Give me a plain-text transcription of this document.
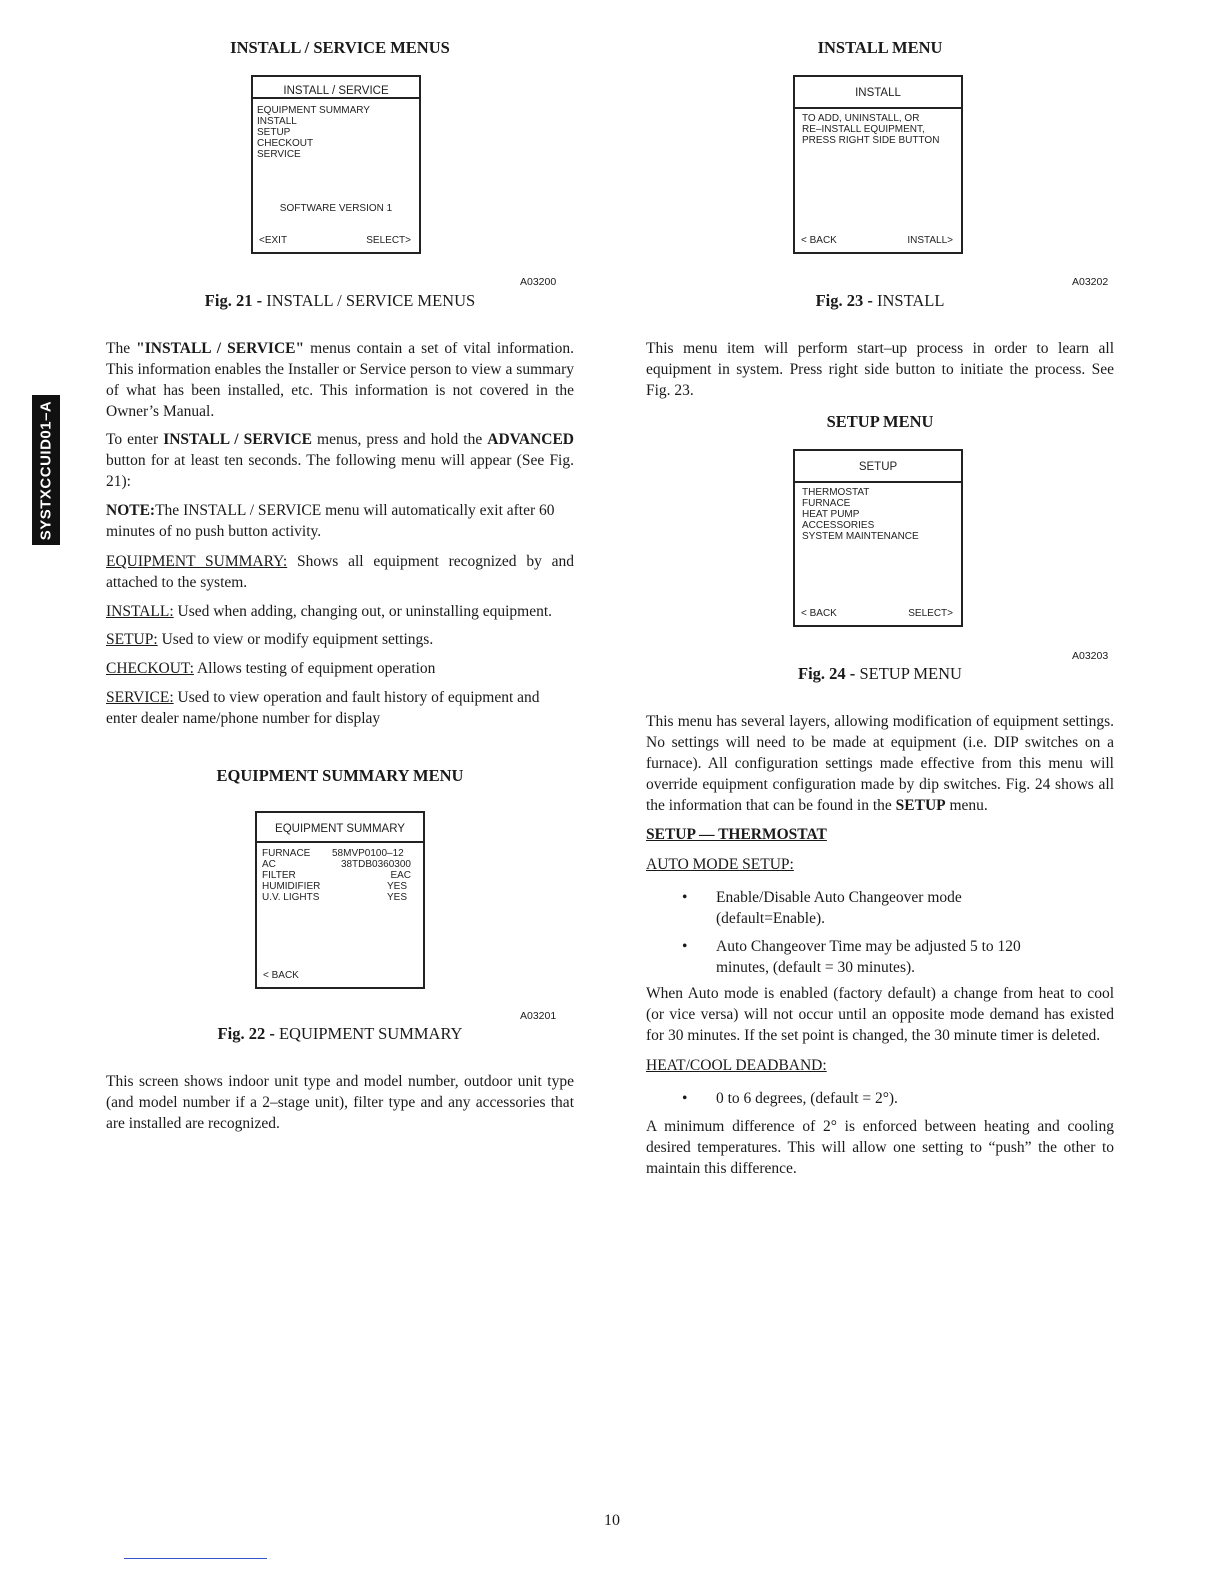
SYSTXCCUID01–A
INSTALL / SERVICE MENUS
INSTALL / SERVICE
EQUIPMENT SUMMARY
INSTALL
SETUP
CHECKOUT
SERVICE
SOFTWARE VERSION 1
<EXIT	SELECT>
A03200
Fig. 21 - INSTALL / SERVICE MENUS

The "INSTALL / SERVICE" menus contain a set of vital information. This information enables the Installer or Service person to view a summary of what has been installed, etc. This information is not covered in the Owner’s Manual.

To enter INSTALL / SERVICE menus, press and hold the ADVANCED button for at least ten seconds. The following menu will appear (See Fig. 21):

NOTE:The INSTALL / SERVICE menu will automatically exit after 60 minutes of no push button activity.

EQUIPMENT SUMMARY: Shows all equipment recognized by and attached to the system.

INSTALL: Used when adding, changing out, or uninstalling equipment.

SETUP: Used to view or modify equipment settings.

CHECKOUT: Allows testing of equipment operation

SERVICE: Used to view operation and fault history of equipment and enter dealer name/phone number for display

EQUIPMENT SUMMARY MENU
EQUIPMENT SUMMARY
FURNACE	58MVP0100–12
AC	38TDB0360300
FILTER	EAC
HUMIDIFIER	YES
U.V. LIGHTS	YES
< BACK
A03201
Fig. 22 - EQUIPMENT SUMMARY

This screen shows indoor unit type and model number, outdoor unit type (and model number if a 2–stage unit), filter type and any accessories that are installed are recognized.

INSTALL MENU
INSTALL
TO ADD, UNINSTALL, OR
RE–INSTALL EQUIPMENT,
PRESS RIGHT SIDE BUTTON
< BACK	INSTALL>
A03202
Fig. 23 - INSTALL

This menu item will perform start–up process in order to learn all equipment in system. Press right side button to initiate the process. See Fig. 23.

SETUP MENU
SETUP
THERMOSTAT
FURNACE
HEAT PUMP
ACCESSORIES
SYSTEM MAINTENANCE
< BACK	SELECT>
A03203
Fig. 24 - SETUP MENU

This menu has several layers, allowing modification of equipment settings. No settings will need to be made at equipment (i.e. DIP switches on a furnace). All configuration settings made effective from this menu will override equipment configuration made by dip switches. Fig. 24 shows all the information that can be found in the SETUP menu.

SETUP — THERMOSTAT

AUTO MODE SETUP:

•	Enable/Disable Auto Changeover mode (default=Enable).
•	Auto Changeover Time may be adjusted 5 to 120 minutes, (default = 30 minutes).

When Auto mode is enabled (factory default) a change from heat to cool (or vice versa) will not occur until an opposite mode demand has existed for 30 minutes. If the set point is changed, the 30 minute timer is deleted.

HEAT/COOL DEADBAND:

•	0 to 6 degrees, (default = 2°).

A minimum difference of 2° is enforced between heating and cooling desired temperatures. This will allow one setting to “push” the other to maintain this difference.

10
